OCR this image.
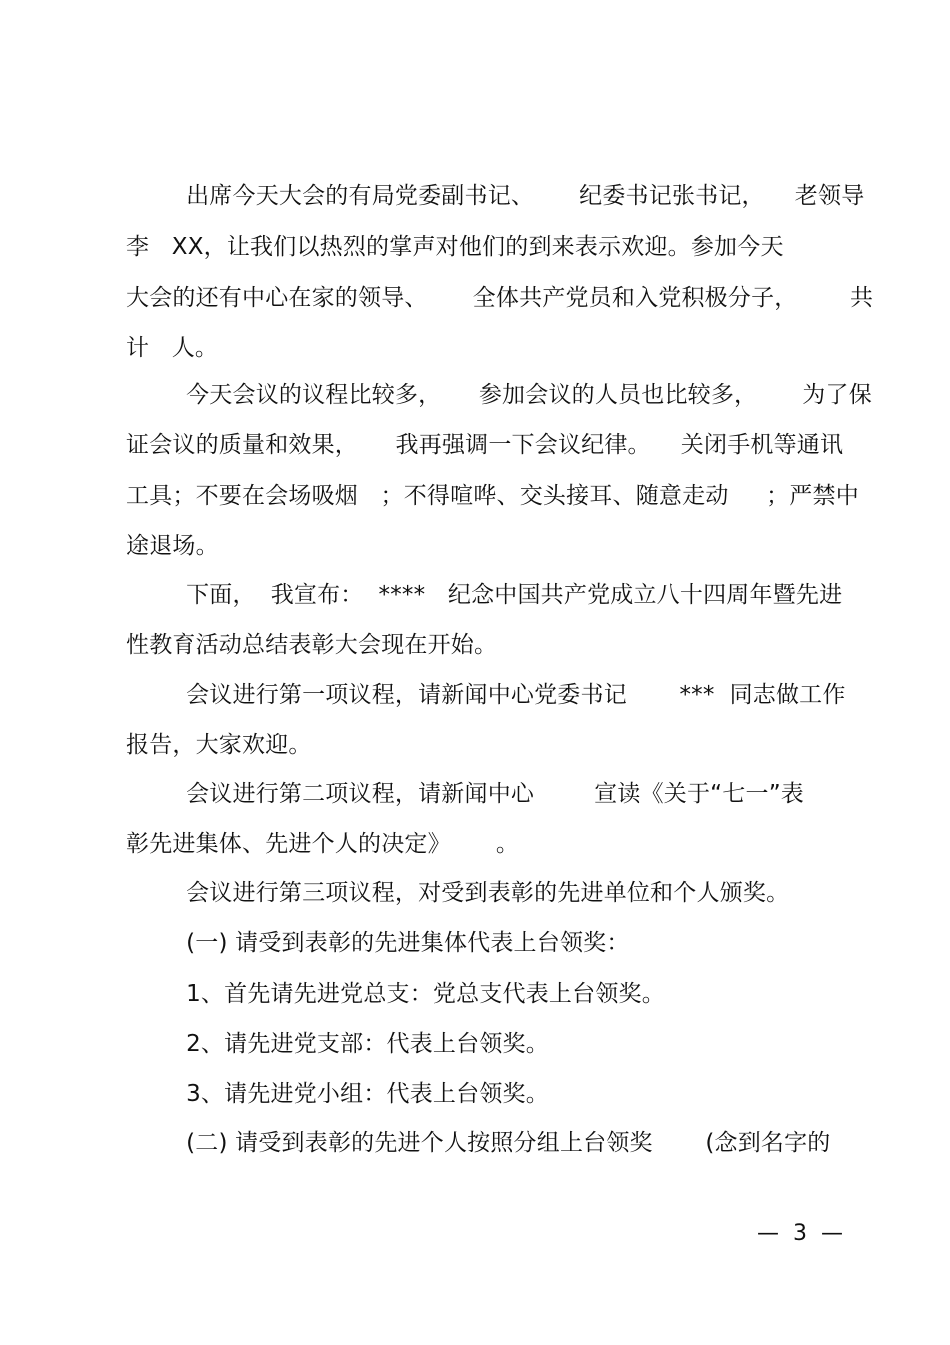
出席今天大会的有局党委副书记、      纪委书记张书记，    老领导
李   XX，让我们以热烈的掌声对他们的到来表示欢迎。参加今天
大会的还有中心在家的领导、      全体共产党员和入党积极分子，       共
计   人。
今天会议的议程比较多，     参加会议的人员也比较多，      为了保
证会议的质量和效果，     我再强调一下会议纪律。    关闭手机等通讯
工具；不要在会场吸烟   ；不得喧哗、交头接耳、随意走动     ；严禁中
途退场。
下面，  我宣布：  ****   纪念中国共产党成立八十四周年暨先进
性教育活动总结表彰大会现在开始。
会议进行第一项议程，请新闻中心党委书记       ***  同志做工作
报告，大家欢迎。
会议进行第二项议程，请新闻中心        宣读《关于“七一”表
彰先进集体、先进个人的决定》      。
会议进行第三项议程，对受到表彰的先进单位和个人颁奖。
(一) 请受到表彰的先进集体代表上台领奖：
1、首先请先进党总支：党总支代表上台领奖。
2、请先进党支部：代表上台领奖。
3、请先进党小组：代表上台领奖。
(二) 请受到表彰的先进个人按照分组上台领奖       (念到名字的
—  3  —
